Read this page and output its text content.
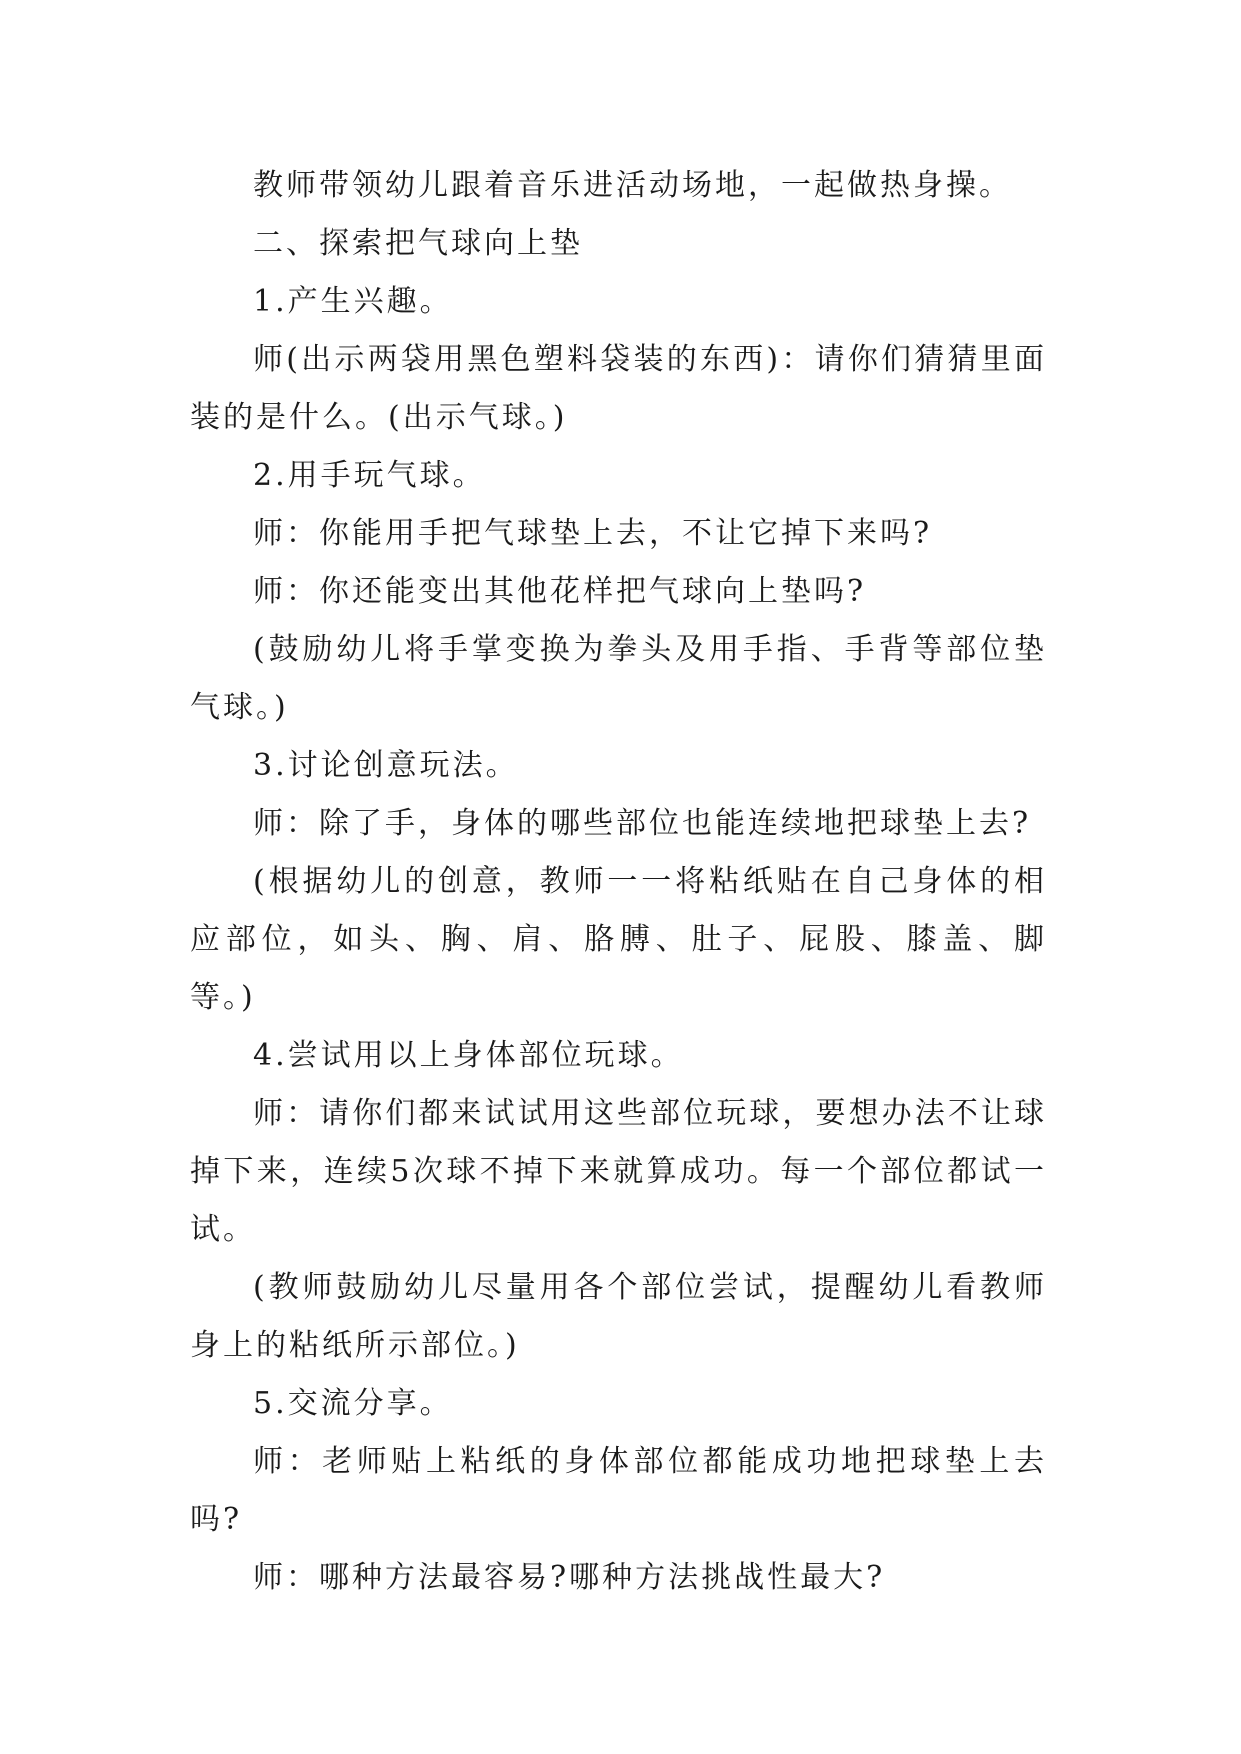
教师带领幼儿跟着音乐进活动场地，一起做热身操。

二、探索把气球向上垫

1.产生兴趣。

师(出示两袋用黑色塑料袋装的东西)：请你们猜猜里面装的是什么。(出示气球。)

2.用手玩气球。

师：你能用手把气球垫上去，不让它掉下来吗?

师：你还能变出其他花样把气球向上垫吗?

(鼓励幼儿将手掌变换为拳头及用手指、手背等部位垫气球。)

3.讨论创意玩法。

师：除了手，身体的哪些部位也能连续地把球垫上去?

(根据幼儿的创意，教师一一将粘纸贴在自己身体的相应部位，如头、胸、肩、胳膊、肚子、屁股、膝盖、脚等。)

4.尝试用以上身体部位玩球。

师：请你们都来试试用这些部位玩球，要想办法不让球掉下来，连续5次球不掉下来就算成功。每一个部位都试一试。

(教师鼓励幼儿尽量用各个部位尝试，提醒幼儿看教师身上的粘纸所示部位。)

5.交流分享。

师：老师贴上粘纸的身体部位都能成功地把球垫上去吗?

师：哪种方法最容易?哪种方法挑战性最大?
